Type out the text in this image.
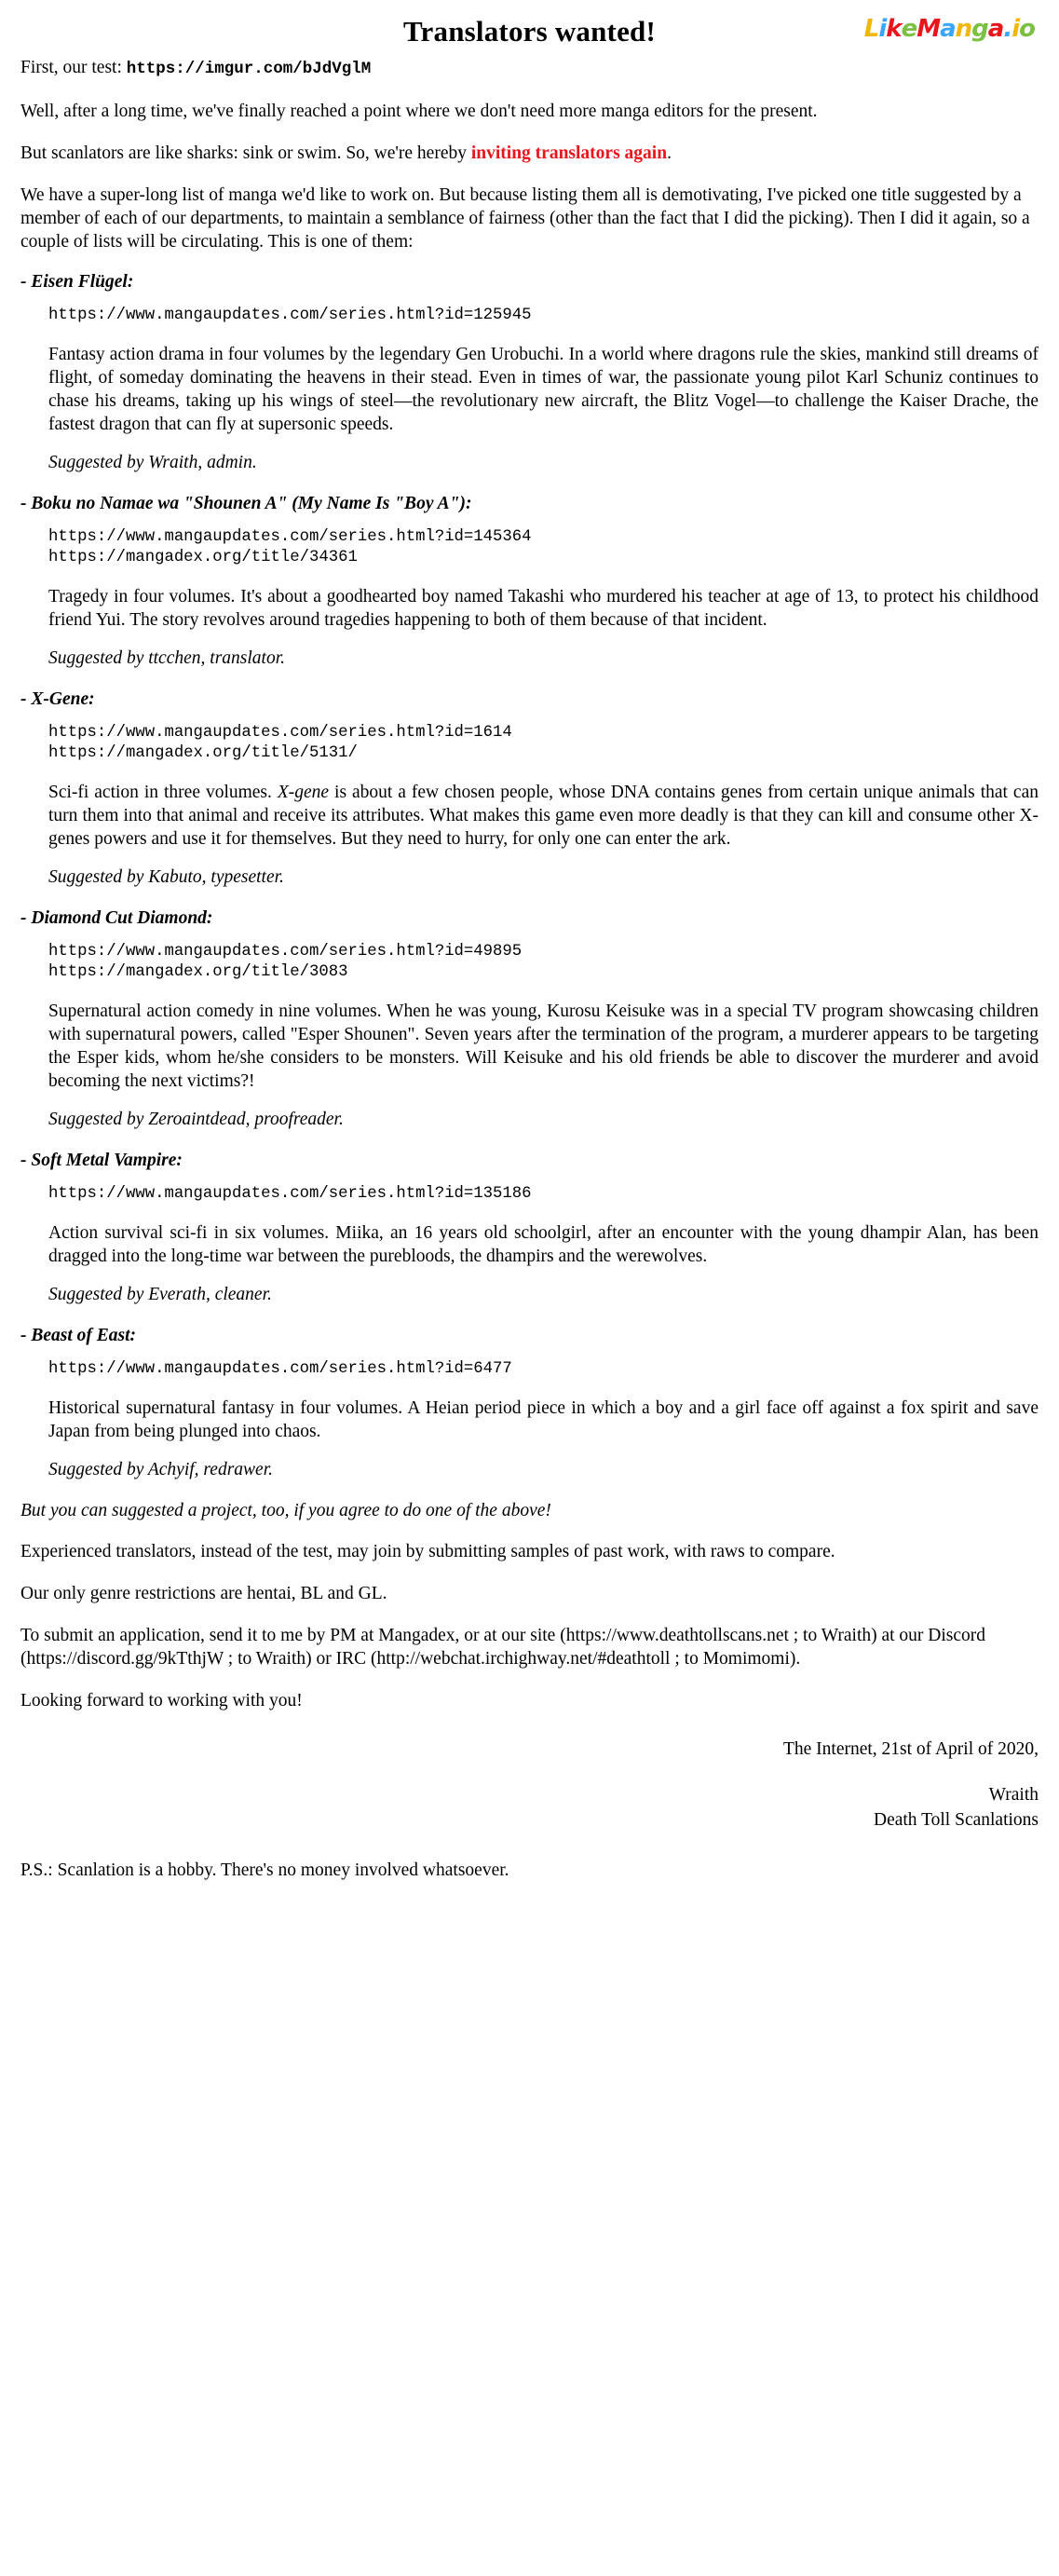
Translators wanted!	LikeManga.io

First, our test: https://imgur.com/bJdVglM

Well, after a long time, we've finally reached a point where we don't need more manga editors for the present.

But scanlators are like sharks: sink or swim. So, we're hereby inviting translators again.

We have a super-long list of manga we'd like to work on. But because listing them all is demotivating, I've picked one title suggested by a member of each of our departments, to maintain a semblance of fairness (other than the fact that I did the picking). Then I did it again, so a couple of lists will be circulating. This is one of them:

- Eisen Flügel:

https://www.mangaupdates.com/series.html?id=125945

Fantasy action drama in four volumes by the legendary Gen Urobuchi. In a world where dragons rule the skies, mankind still dreams of flight, of someday dominating the heavens in their stead. Even in times of war, the passionate young pilot Karl Schuniz continues to chase his dreams, taking up his wings of steel—the revolutionary new aircraft, the Blitz Vogel—to challenge the Kaiser Drache, the fastest dragon that can fly at supersonic speeds.

Suggested by Wraith, admin.

- Boku no Namae wa "Shounen A" (My Name Is "Boy A"):

https://www.mangaupdates.com/series.html?id=145364
https://mangadex.org/title/34361

Tragedy in four volumes. It's about a goodhearted boy named Takashi who murdered his teacher at age of 13, to protect his childhood friend Yui. The story revolves around tragedies happening to both of them because of that incident.

Suggested by ttcchen, translator.

- X-Gene:

https://www.mangaupdates.com/series.html?id=1614
https://mangadex.org/title/5131/

Sci-fi action in three volumes. X-gene is about a few chosen people, whose DNA contains genes from certain unique animals that can turn them into that animal and receive its attributes. What makes this game even more deadly is that they can kill and consume other X-genes powers and use it for themselves. But they need to hurry, for only one can enter the ark.

Suggested by Kabuto, typesetter.

- Diamond Cut Diamond:

https://www.mangaupdates.com/series.html?id=49895
https://mangadex.org/title/3083

Supernatural action comedy in nine volumes. When he was young, Kurosu Keisuke was in a special TV program showcasing children with supernatural powers, called "Esper Shounen". Seven years after the termination of the program, a murderer appears to be targeting the Esper kids, whom he/she considers to be monsters. Will Keisuke and his old friends be able to discover the murderer and avoid becoming the next victims?!

Suggested by Zeroaintdead, proofreader.

- Soft Metal Vampire:

https://www.mangaupdates.com/series.html?id=135186

Action survival sci-fi in six volumes. Miika, an 16 years old schoolgirl, after an encounter with the young dhampir Alan, has been dragged into the long-time war between the purebloods, the dhampirs and the werewolves.

Suggested by Everath, cleaner.

- Beast of East:

https://www.mangaupdates.com/series.html?id=6477

Historical supernatural fantasy in four volumes. A Heian period piece in which a boy and a girl face off against a fox spirit and save Japan from being plunged into chaos.

Suggested by Achyif, redrawer.

But you can suggested a project, too, if you agree to do one of the above!

Experienced translators, instead of the test, may join by submitting samples of past work, with raws to compare.

Our only genre restrictions are hentai, BL and GL.

To submit an application, send it to me by PM at Mangadex, or at our site (https://www.deathtollscans.net ; to Wraith) at our Discord (https://discord.gg/9kTthjW ; to Wraith) or IRC (http://webchat.irchighway.net/#deathtoll ; to Momimomi).

Looking forward to working with you!

The Internet, 21st of April of 2020,
Wraith
Death Toll Scanlations

P.S.: Scanlation is a hobby. There's no money involved whatsoever.
